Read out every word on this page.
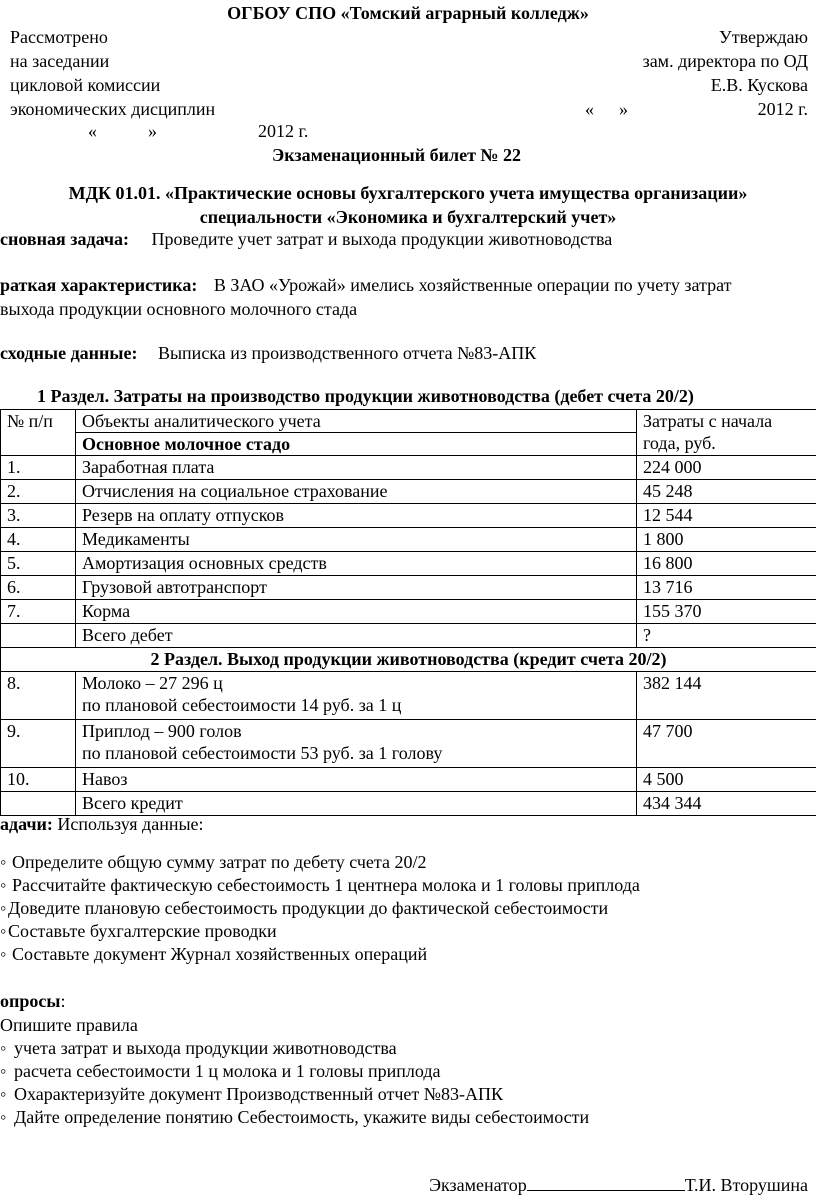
ОГБОУ СПО «Томский аграрный колледж»
Рассмотрено
на заседании
цикловой комиссии
экономических дисциплин
«	»	2012 г.
Утверждаю
зам. директора по ОД
Е.В. Кускова
« »	2012 г.
Экзаменационный билет № 22
МДК 01.01. «Практические основы бухгалтерского учета имущества организации»
специальности «Экономика и бухгалтерский учет»
сновная задача: Проведите учет затрат и выхода продукции животноводства
раткая характеристика: В ЗАО «Урожай» имелись хозяйственные операции по учету затрат
выхода продукции основного молочного стада
сходные данные: Выписка из производственного отчета №83-АПК
1 Раздел. Затраты на производство продукции животноводства (дебет счета 20/2)
№ п/п	Объекты аналитического учета	Затраты с начала
года, руб.

	Основное молочное стадо	
1.	Заработная плата	224 000
2.	Отчисления на социальное страхование	45 248
3.	Резерв на оплату отпусков	12 544
4.	Медикаменты	1 800
5.	Амортизация основных средств	16 800
6.	Грузовой автотранспорт	13 716
7.	Корма	155 370
	Всего дебет	?
2 Раздел. Выход продукции животноводства (кредит счета 20/2)		
8.	Молоко – 27 296 ц
по плановой себестоимости 14 руб. за 1 ц	382 144
9.	Приплод – 900 голов
по плановой себестоимости 53 руб. за 1 голову	47 700
10.	Навоз	4 500
	Всего кредит	434 344
адачи: Используя данные:
◦ Определите общую сумму затрат по дебету счета 20/2
◦ Рассчитайте фактическую себестоимость 1 центнера молока и 1 головы приплода
◦Доведите плановую себестоимость продукции до фактической себестоимости
◦Составьте бухгалтерские проводки
◦ Составьте документ Журнал хозяйственных операций
опросы:
Опишите правила
◦ учета затрат и выхода продукции животноводства
◦ расчета себестоимости 1 ц молока и 1 головы приплода
◦ Охарактеризуйте документ Производственный отчет №83-АПК
◦ Дайте определение понятию Себестоимость, укажите виды себестоимости
Экзаменатор	Т.И. Вторушина
